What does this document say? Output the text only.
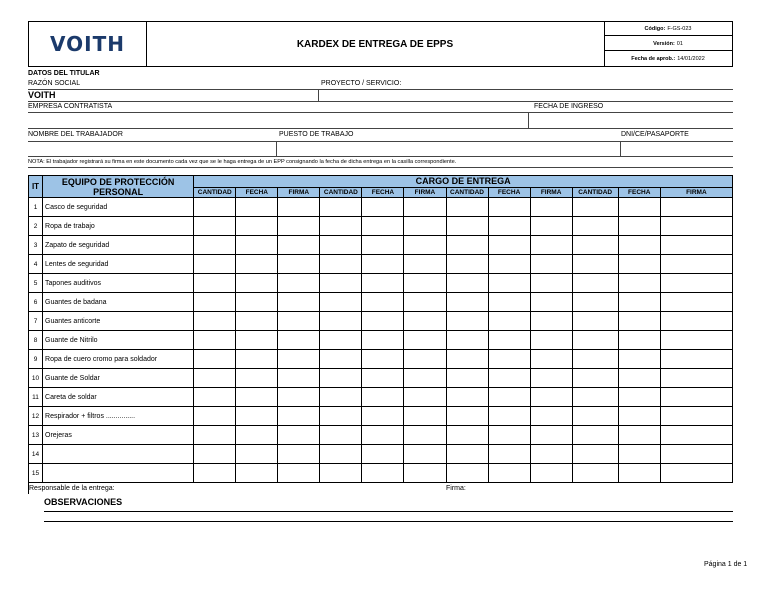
VOITH	KARDEX DE ENTREGA DE EPPS
Código: F-GS-023
Versión: 01
Fecha de aprob.: 14/01/2022
DATOS DEL TITULAR
RAZÓN SOCIAL	PROYECTO / SERVICIO:
VOITH
EMPRESA CONTRATISTA	FECHA DE INGRESO
NOMBRE DEL TRABAJADOR	PUESTO DE TRABAJO	DNI/CE/PASAPORTE
NOTA: El trabajador registrará su firma en este documento cada vez que se le haga entrega de un EPP consignando la fecha de dicha entrega en la casilla correspondiente.
IT	EQUIPO DE PROTECCIÓN
PERSONAL	CARGO DE ENTREGA											
		CANTIDAD	FECHA	FIRMA	CANTIDAD	FECHA	FIRMA	CANTIDAD	FECHA	FIRMA	CANTIDAD	FECHA	FIRMA
1	Casco de seguridad												
2	Ropa de trabajo												
3	Zapato de seguridad												
4	Lentes de seguridad												
5	Tapones auditivos												
6	Guantes de badana												
7	Guantes anticorte												
8	Guante de Nitrilo												
9	Ropa de cuero cromo para soldador												
10	Guante de Soldar												
11	Careta de soldar												
12	Respirador + filtros ...............												
13	Orejeras												
14													
15													
Responsable de la entrega:								Firma:					
OBSERVACIONES
Página 1 de 1
